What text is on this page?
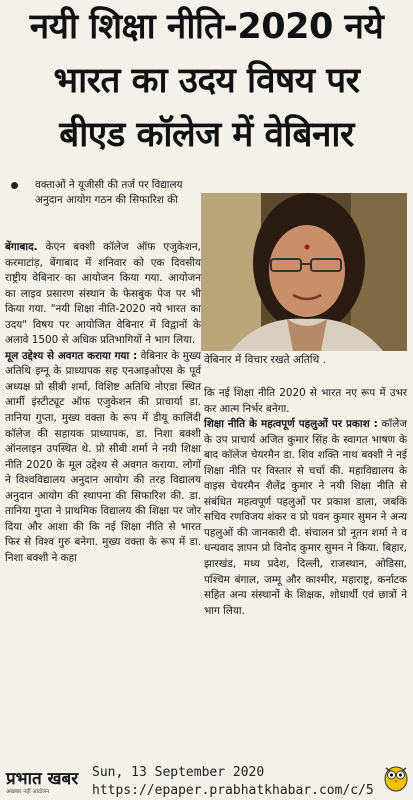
नयी शिक्षा नीति-2020 नये
भारत का उदय विषय पर
बीएड कॉलेज में वेबिनार
वक्ताओं ने यूजीसी की तर्ज पर विद्यालय अनुदान आयोग गठन की सिफारिश की
वेबिनार में विचार रखते अतिथि .
बेंगाबाद. केएन बक्शी कॉलेज ऑफ एजुकेशन, करमाटांड़, बेंगाबाद में शनिवार को एक दिवसीय राष्ट्रीय वेबिनार का आयोजन किया गया. आयोजन का लाइव प्रसारण संस्थान के फेसबुक पेज पर भी किया गया. "नयी शिक्षा नीति-2020 नये भारत का उदय" विषय पर आयोजित वेबिनार में विद्वानों के अलावे 1500 से अधिक प्रतिभागियों ने भाग लिया.
मूल उद्देश्य से अवगत कराया गया : वेबिनार के मुख्य अतिथि इग्नू के प्राध्यापक सह एनआइओएस के पूर्व अध्यक्ष प्रो सीबी शर्मा, विशिष्ट अतिथि नोएडा स्थित आर्मी इंस्टीट्यूट ऑफ एजुकेशन की प्राचार्या डा. तानिया गुप्ता, मुख्य वक्ता के रूप में डीयू कालिंदी कॉलेज की सहायक प्राध्यापक, डा. निशा बक्शी ऑनलाइन उपस्थित थे. प्रो सीबी शर्मा ने नयी शिक्षा नीति 2020 के मूल उद्देश्य से अवगत कराया. लोगों ने विश्वविद्यालय अनुदान आयोग की तरह विद्यालय अनुदान आयोग की स्थापना की सिफारिश की. डा. तानिया गुप्ता ने प्राथमिक विद्यालय की शिक्षा पर जोर दिया और आशा की कि नई शिक्षा नीति से भारत फिर से विश्व गुरु बनेगा. मुख्य वक्ता के रूप में डा. निशा बक्शी ने कहा
कि नई शिक्षा नीति 2020 से भारत नए रूप में उभर कर आत्म निर्भर बनेगा.
शिक्षा नीति के महत्वपूर्ण पहलुओं पर प्रकाश : कॉलेज के उप प्राचार्य अजित कुमार सिंह के स्वागत भाषण के बाद कॉलेज चेयरमैन डा. शिव शक्ति नाथ बक्शी ने नई शिक्षा नीति पर विस्तार से चर्चा की. महाविद्यालय के वाइस चेयरमैन शैलेंद्र कुमार ने नयी शिक्षा नीति से संबंधित महत्वपूर्ण पहलुओं पर प्रकाश डाला, जबकि सचिव रणविजय शंकर व प्रो पवन कुमार सुमन ने अन्य पहलुओं की जानकारी दी. संचालन प्रो नूतन शर्मा ने व धन्यवाद ज्ञापन प्रो विनोद कुमार सुमन ने किया. बिहार, झारखंड, मध्य प्रदेश, दिल्ली, राजस्थान, ओडिसा, पश्चिम बंगाल, जम्मू और काश्मीर, महाराष्ट्र, कर्नाटक सहित अन्य संस्थानों के शिक्षक, शोधार्थी एवं छात्रों ने भाग लिया.
प्रभात खबर
अखबार नहीं आंदोलन
Sun, 13 September 2020
https://epaper.prabhatkhabar.com/c/5
